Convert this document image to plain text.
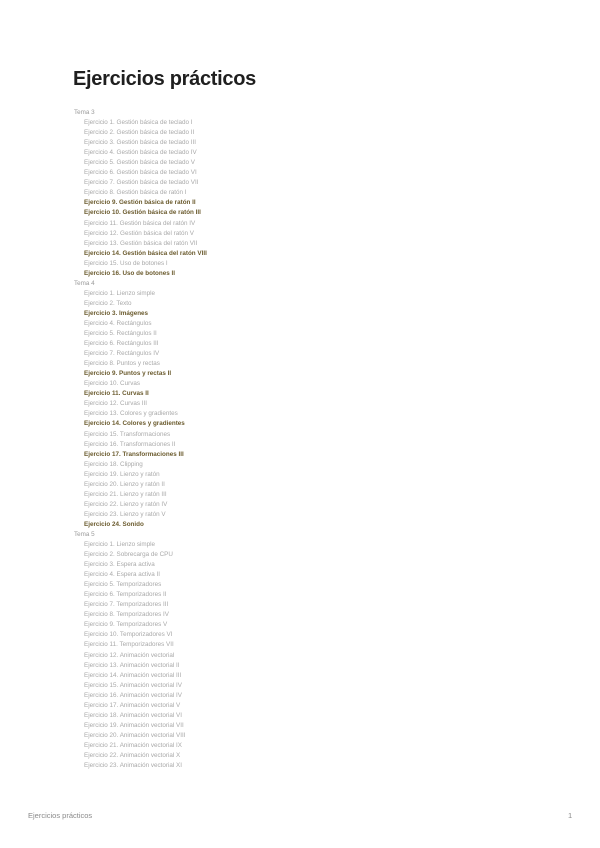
Ejercicios prácticos
Tema 3
Ejercicio 1. Gestión básica de teclado I
Ejercicio 2. Gestión básica de teclado II
Ejercicio 3. Gestión básica de teclado III
Ejercicio 4. Gestión básica de teclado IV
Ejercicio 5. Gestión básica de teclado V
Ejercicio 6. Gestión básica de teclado VI
Ejercicio 7. Gestión básica de teclado VII
Ejercicio 8. Gestión básica de ratón I
Ejercicio 9. Gestión básica de ratón II
Ejercicio 10. Gestión básica de ratón III
Ejercicio 11. Gestión básica del ratón IV
Ejercicio 12. Gestión básica del ratón V
Ejercicio 13. Gestión básica del ratón VII
Ejercicio 14. Gestión básica del ratón VIII
Ejercicio 15. Uso de botones I
Ejercicio 16. Uso de botones II
Tema 4
Ejercicio 1. Lienzo simple
Ejercicio 2. Texto
Ejercicio 3. Imágenes
Ejercicio 4. Rectángulos
Ejercicio 5. Rectángulos II
Ejercicio 6. Rectángulos III
Ejercicio 7. Rectángulos IV
Ejercicio 8. Puntos y rectas
Ejercicio 9. Puntos y rectas II
Ejercicio 10. Curvas
Ejercicio 11. Curvas II
Ejercicio 12. Curvas III
Ejercicio 13. Colores y gradientes
Ejercicio 14. Colores y gradientes
Ejercicio 15. Transformaciones
Ejercicio 16. Transformaciones II
Ejercicio 17. Transformaciones III
Ejercicio 18. Clipping
Ejercicio 19. Lienzo y ratón
Ejercicio 20. Lienzo y ratón II
Ejercicio 21. Lienzo y ratón III
Ejercicio 22. Lienzo y ratón IV
Ejercicio 23. Lienzo y ratón V
Ejercicio 24. Sonido
Tema 5
Ejercicio 1. Lienzo simple
Ejercicio 2. Sobrecarga de CPU
Ejercicio 3. Espera activa
Ejercicio 4. Espera activa II
Ejercicio 5. Temporizadores
Ejercicio 6. Temporizadores II
Ejercicio 7. Temporizadores III
Ejercicio 8. Temporizadores IV
Ejercicio 9. Temporizadores V
Ejercicio 10. Temporizadores VI
Ejercicio 11. Temporizadores VII
Ejercicio 12. Animación vectorial
Ejercicio 13. Animación vectorial II
Ejercicio 14. Animación vectorial III
Ejercicio 15. Animación vectorial IV
Ejercicio 16. Animación vectorial IV
Ejercicio 17. Animación vectorial V
Ejercicio 18. Animación vectorial VI
Ejercicio 19. Animación vectorial VII
Ejercicio 20. Animación vectorial VIII
Ejercicio 21. Animación vectorial IX
Ejercicio 22. Animación vectorial X
Ejercicio 23. Animación vectorial XI
Ejercicios prácticos	1
